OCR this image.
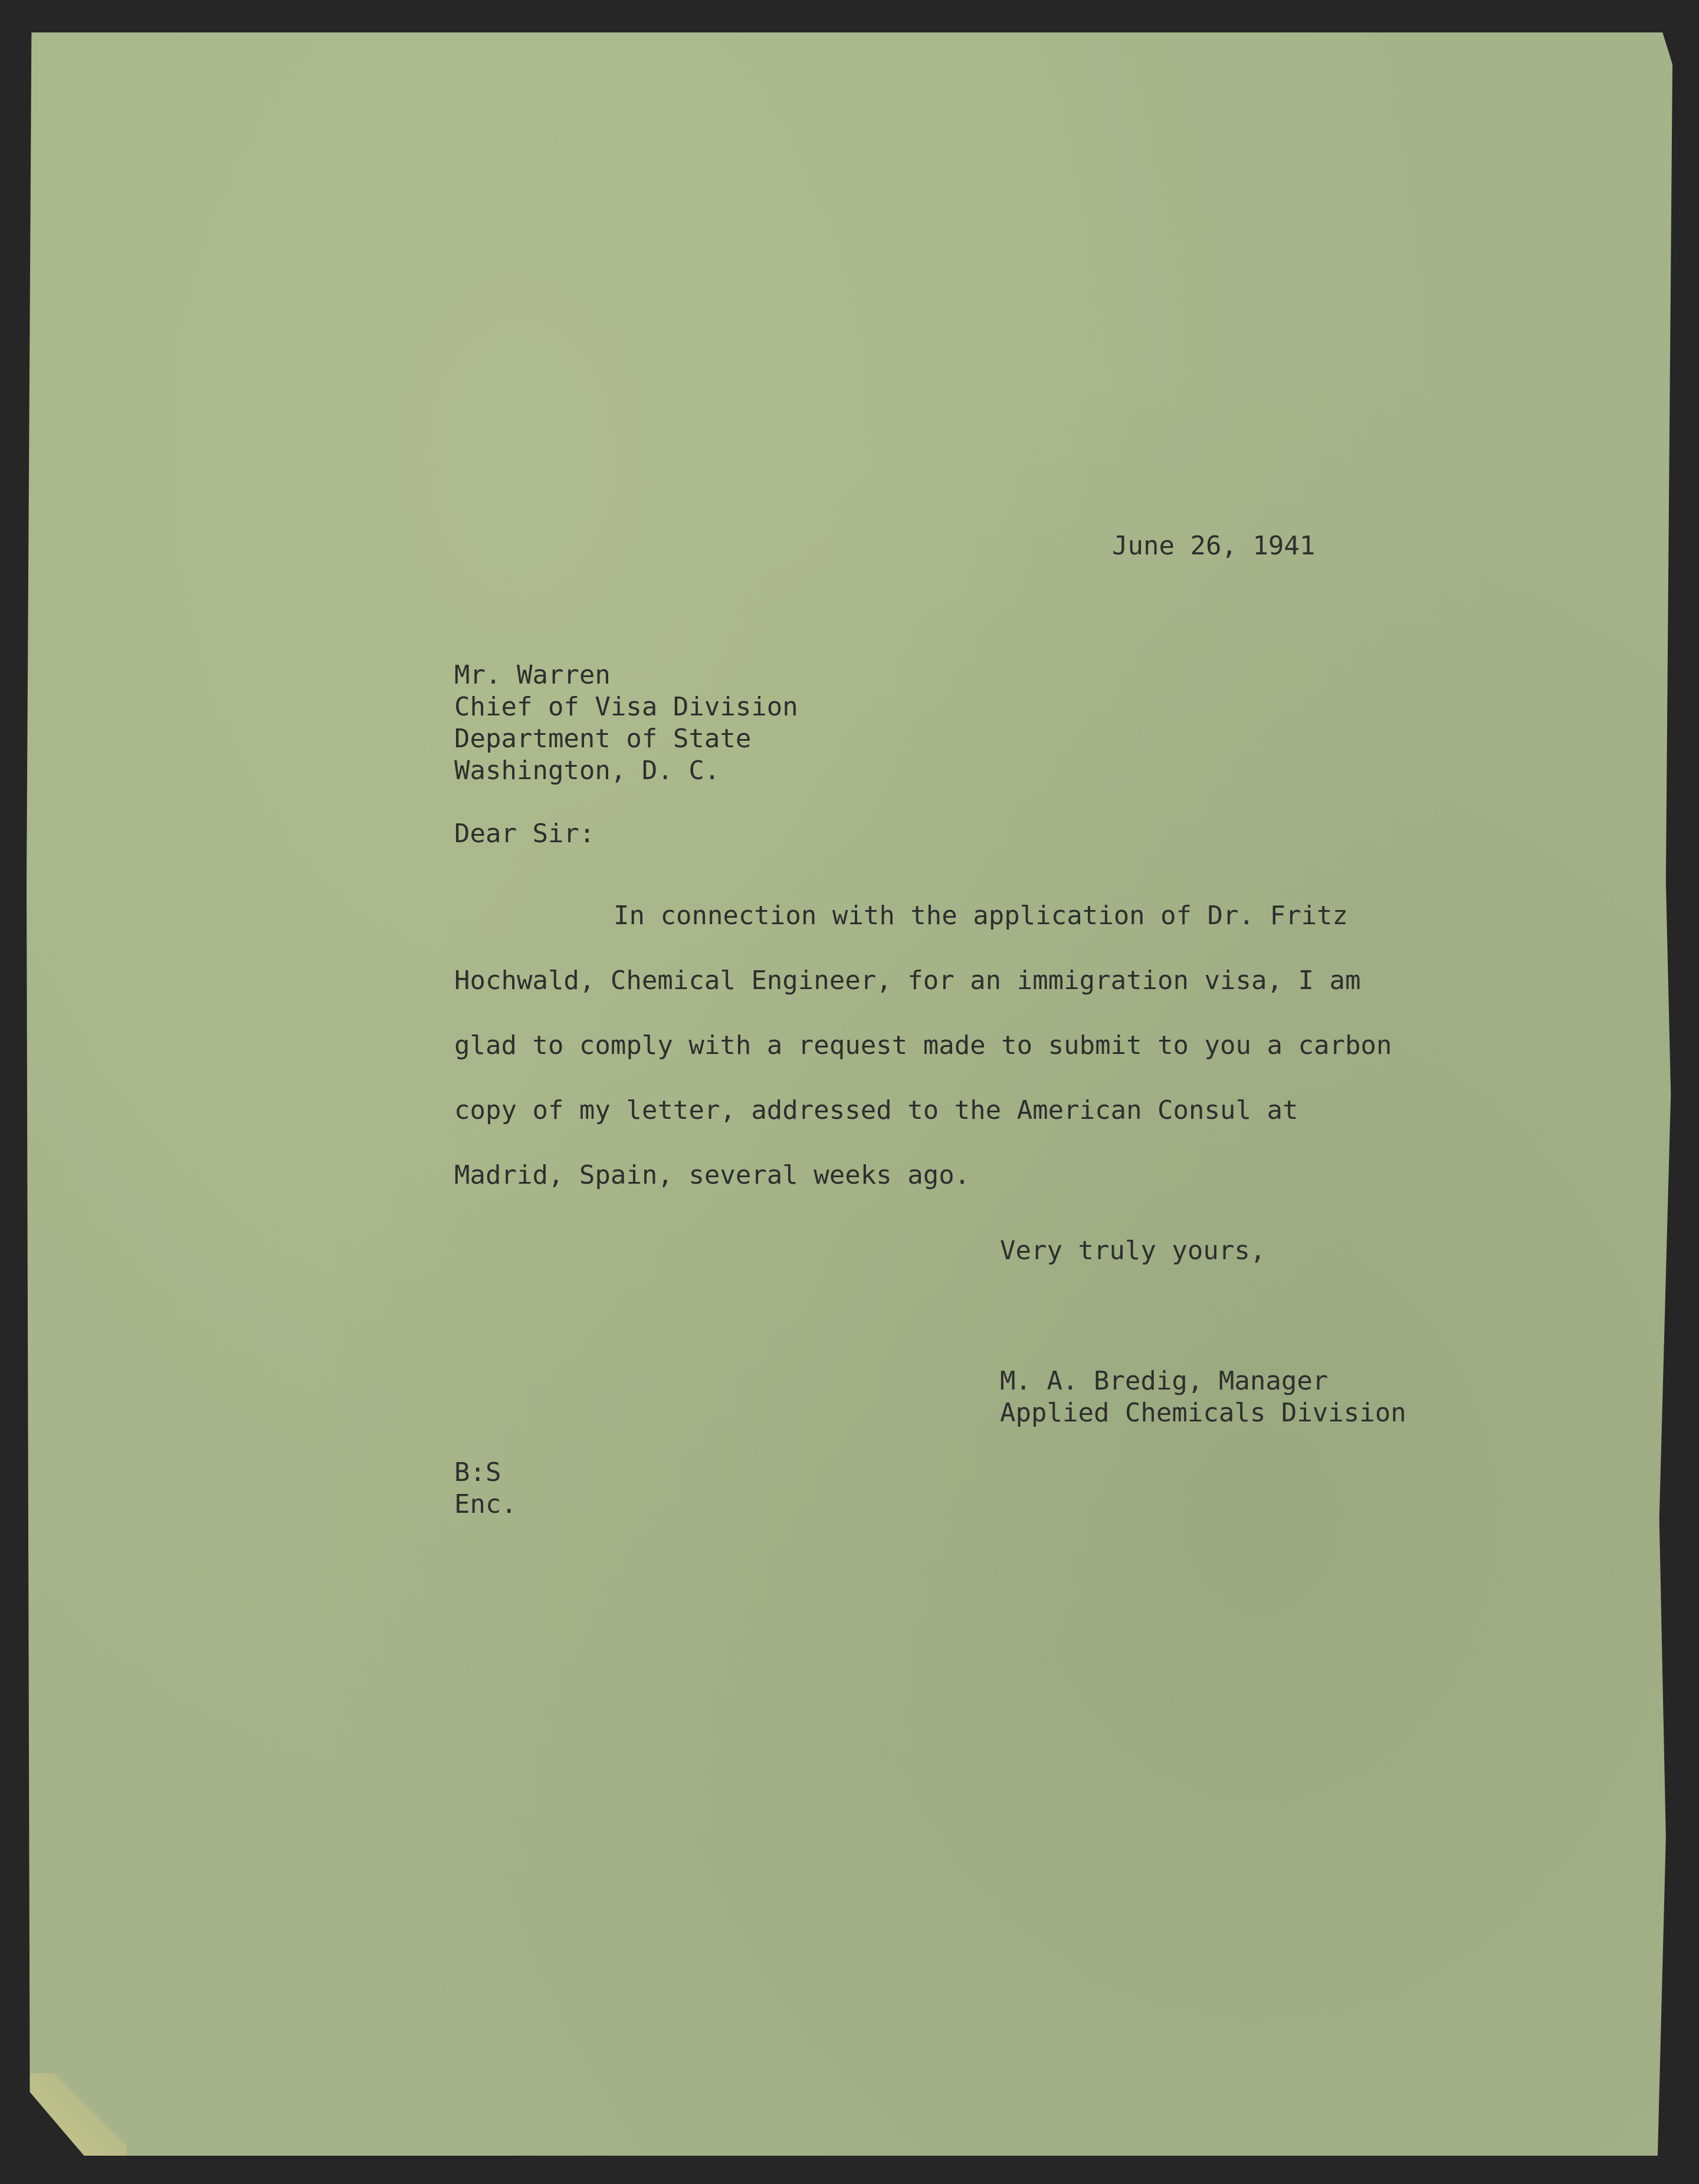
June 26, 1941
Mr. Warren
Chief of Visa Division
Department of State
Washington, D. C.
Dear Sir:
In connection with the application of Dr. Fritz
Hochwald, Chemical Engineer, for an immigration visa, I am
glad to comply with a request made to submit to you a carbon
copy of my letter, addressed to the American Consul at
Madrid, Spain, several weeks ago.
Very truly yours,
M. A. Bredig, Manager
Applied Chemicals Division
B:S
Enc.
